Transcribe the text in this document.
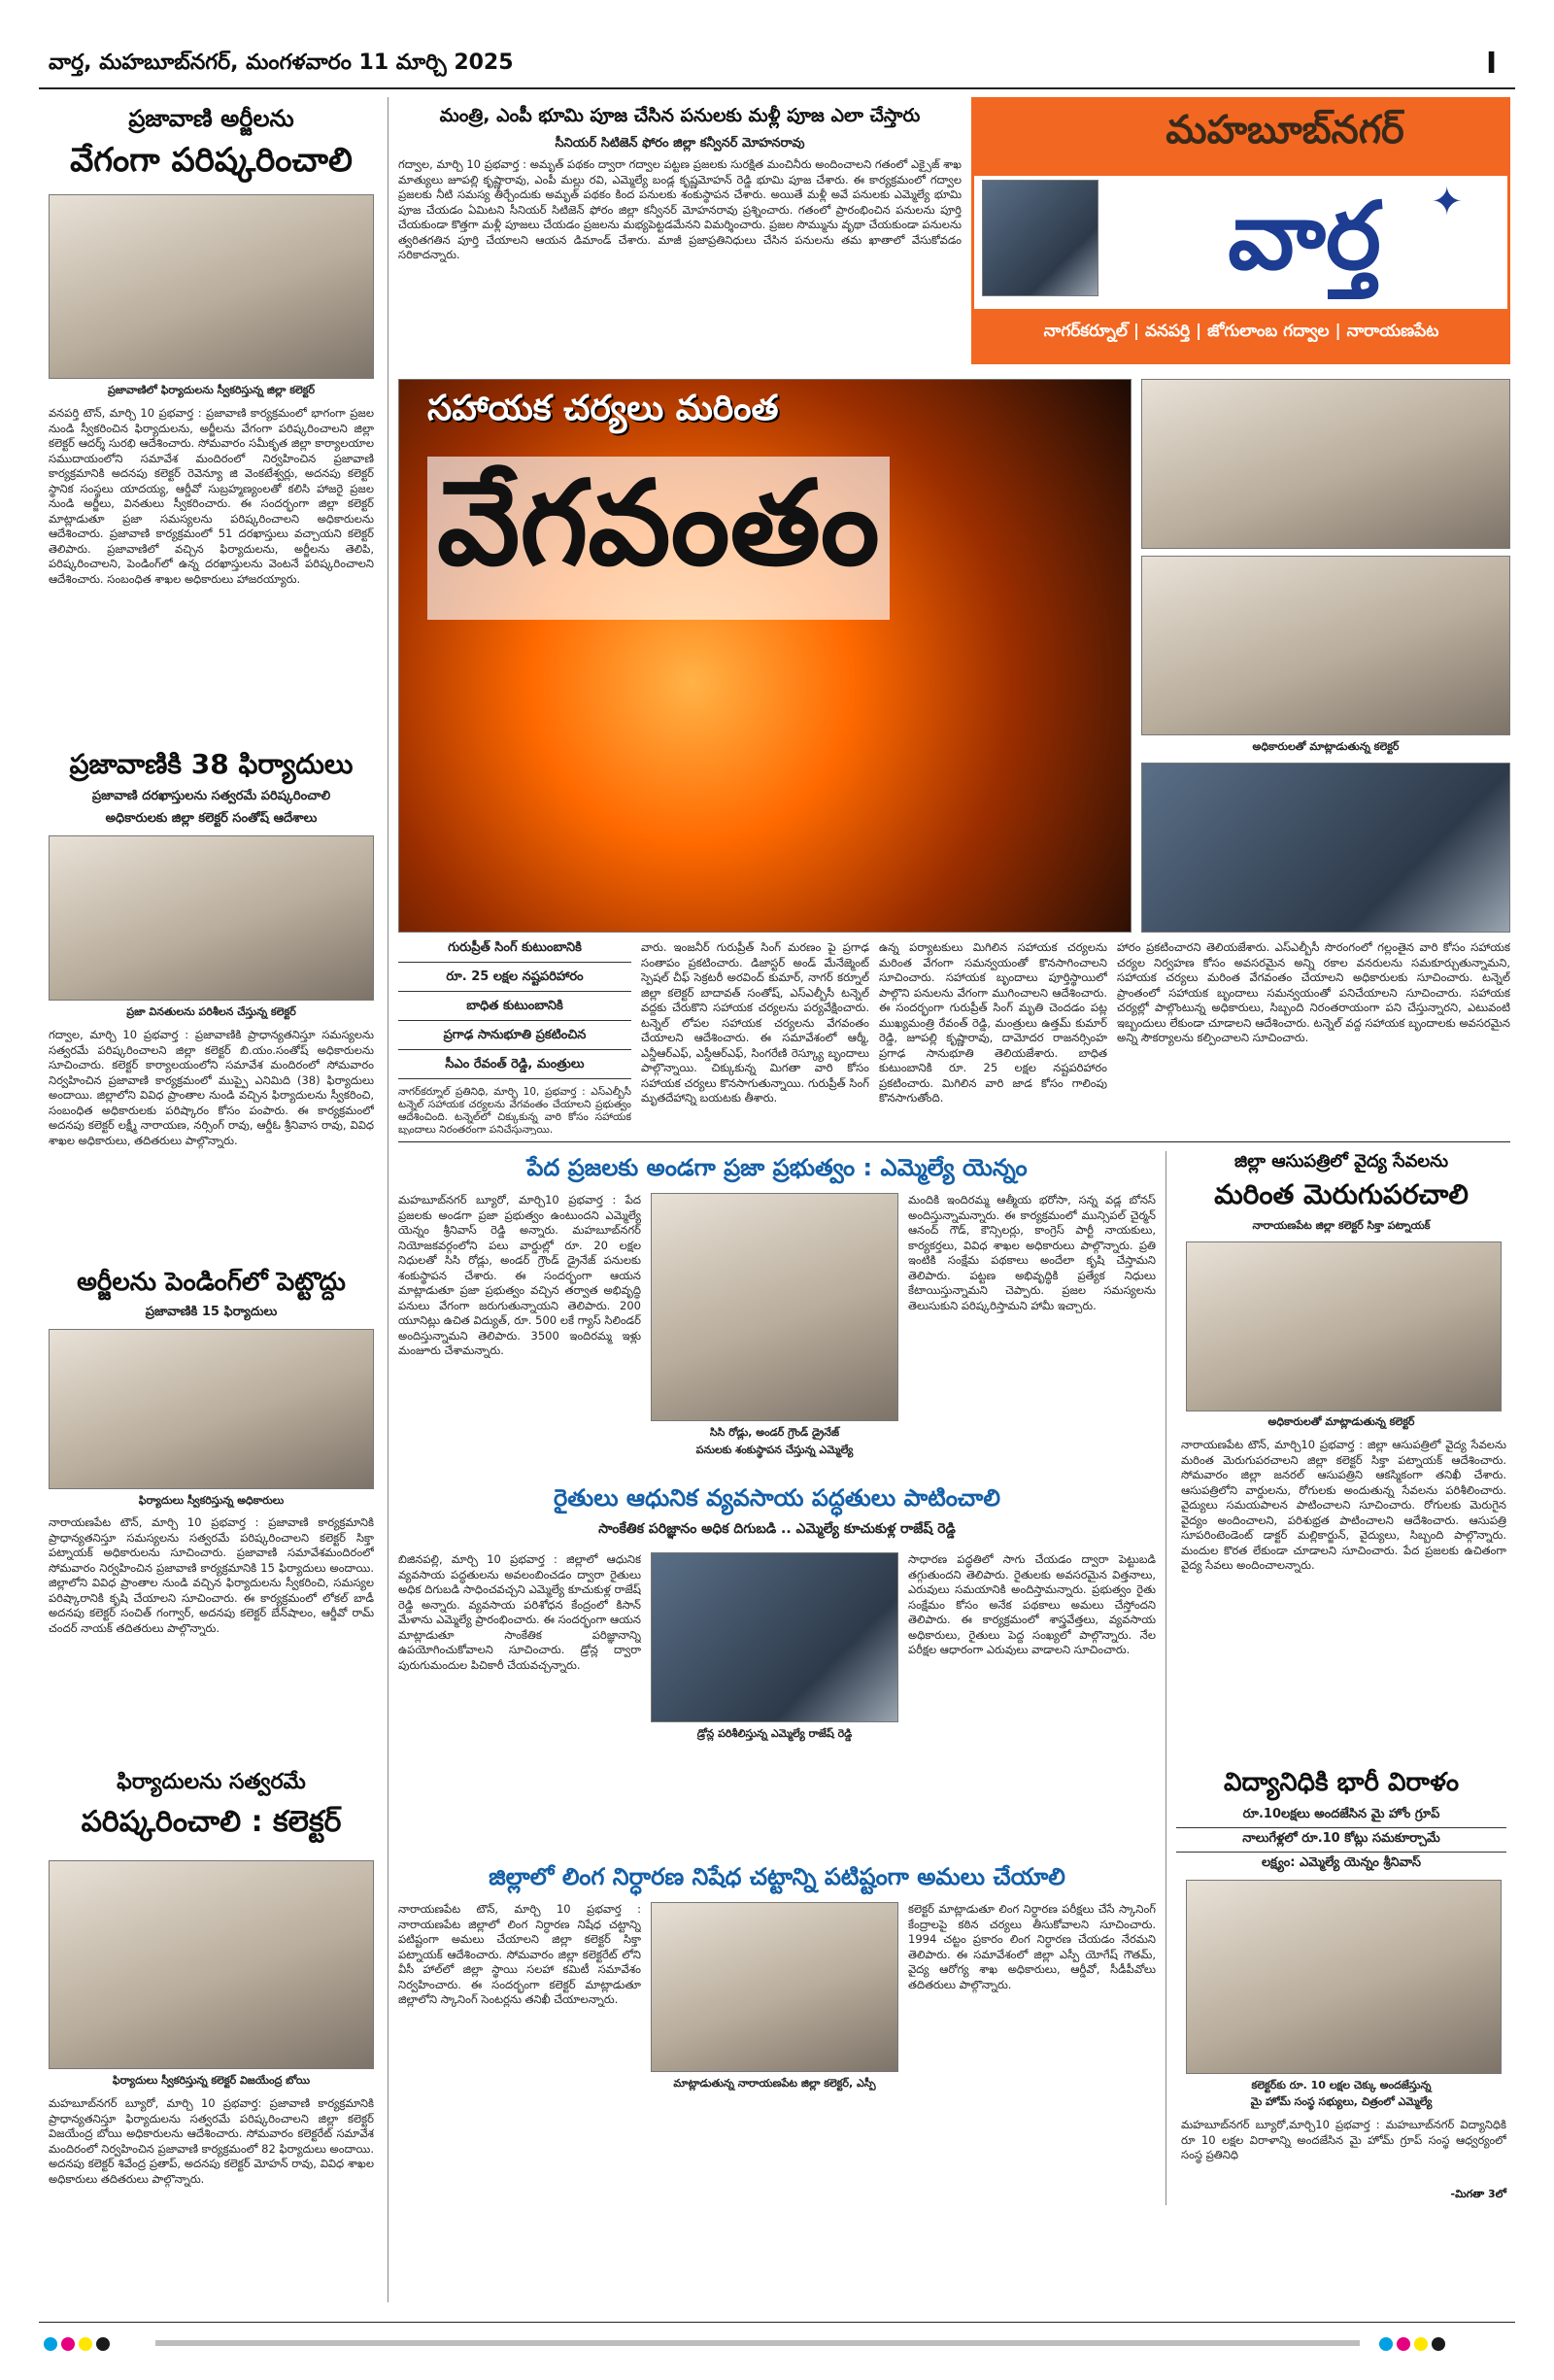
వార్త, మహబూబ్‌నగర్, మంగళవారం 11 మార్చి 2025	I
ప్రజావాణి అర్జీలను
వేగంగా పరిష్కరించాలి
ప్రజావాణిలో ఫిర్యాదులను స్వీకరిస్తున్న జిల్లా కలెక్టర్
వనపర్తి టౌన్, మార్చి 10 ప్రభవార్త : ప్రజావాణి కార్యక్రమంలో భాగంగా ప్రజల నుండి స్వీకరించిన ఫిర్యాదులను, అర్జీలను వేగంగా పరిష్కరించాలని జిల్లా కలెక్టర్ ఆదర్శ్ సురభి ఆదేశించారు. సోమవారం సమీకృత జిల్లా కార్యాలయాల సముదాయంలోని సమావేశ మందిరంలో నిర్వహించిన ప్రజావాణి కార్యక్రమానికి అదనపు కలెక్టర్ రెవెన్యూ జి వెంకటేశ్వర్లు, అదనపు కలెక్టర్ స్థానిక సంస్థలు యాదయ్య, ఆర్డీవో సుబ్రహ్మణ్యంలతో కలిసి హాజరై ప్రజల నుండి అర్జీలు, వినతులు స్వీకరించారు. ఈ సందర్భంగా జిల్లా కలెక్టర్ మాట్లాడుతూ ప్రజా సమస్యలను పరిష్కరించాలని అధికారులను ఆదేశించారు. ప్రజావాణి కార్యక్రమంలో 51 దరఖాస్తులు వచ్చాయని కలెక్టర్ తెలిపారు. ప్రజావాణిలో వచ్చిన ఫిర్యాదులను, అర్జీలను తెలిపి, పరిష్కరించాలని, పెండింగ్‌లో ఉన్న దరఖాస్తులను వెంటనే పరిష్కరించాలని ఆదేశించారు. సంబంధిత శాఖల అధికారులు హాజరయ్యారు.
ప్రజావాణికి 38 ఫిర్యాదులు
ప్రజావాణి దరఖాస్తులను సత్వరమే పరిష్కరించాలి
అధికారులకు జిల్లా కలెక్టర్ సంతోష్ ఆదేశాలు
ప్రజా వినతులను పరిశీలన చేస్తున్న కలెక్టర్
గద్వాల, మార్చి 10 ప్రభవార్త : ప్రజావాణికి ప్రాధాన్యతనిస్తూ సమస్యలను సత్వరమే పరిష్కరించాలని జిల్లా కలెక్టర్ బి.యం.సంతోష్ అధికారులను సూచించారు. కలెక్టర్ కార్యాలయంలోని సమావేశ మందిరంలో సోమవారం నిర్వహించిన ప్రజావాణి కార్యక్రమంలో ముప్పై ఎనిమిది (38) ఫిర్యాదులు అందాయి. జిల్లాలోని వివిధ ప్రాంతాల నుండి వచ్చిన ఫిర్యాదులను స్వీకరించి, సంబంధిత అధికారులకు పరిష్కారం కోసం పంపారు. ఈ కార్యక్రమంలో అదనపు కలెక్టర్ లక్ష్మీ నారాయణ, నర్సింగ్ రావు, ఆర్డీఓ శ్రీనివాస రావు, వివిధ శాఖల అధికారులు, తదితరులు పాల్గొన్నారు.
అర్జీలను పెండింగ్‌లో పెట్టొద్దు
ప్రజావాణికి 15 ఫిర్యాదులు
ఫిర్యాదులు స్వీకరిస్తున్న అధికారులు
నారాయణపేట టౌన్, మార్చి 10 ప్రభవార్త : ప్రజావాణి కార్యక్రమానికి ప్రాధాన్యతనిస్తూ సమస్యలను సత్వరమే పరిష్కరించాలని కలెక్టర్ సిక్తా పట్నాయక్ అధికారులను సూచించారు. ప్రజావాణి సమావేశమందిరంలో సోమవారం నిర్వహించిన ప్రజావాణి కార్యక్రమానికి 15 ఫిర్యాదులు అందాయి. జిల్లాలోని వివిధ ప్రాంతాల నుండి వచ్చిన ఫిర్యాదులను స్వీకరించి, సమస్యల పరిష్కారానికి కృషి చేయాలని సూచించారు. ఈ కార్యక్రమంలో లోకల్ బాడీ అదనపు కలెక్టర్ సంచిత్ గంగ్వార్, అదనపు కలెక్టర్ బేన్‌షాలం, ఆర్డీవో రామ్ చందర్ నాయక్ తదితరులు పాల్గొన్నారు.
ఫిర్యాదులను సత్వరమే
పరిష్కరించాలి : కలెక్టర్
ఫిర్యాదులు స్వీకరిస్తున్న కలెక్టర్ విజయేంద్ర బోయి
మహబూబ్‌నగర్ బ్యూరో, మార్చి 10 ప్రభవార్త: ప్రజావాణి కార్యక్రమానికి ప్రాధాన్యతనిస్తూ ఫిర్యాదులను సత్వరమే పరిష్కరించాలని జిల్లా కలెక్టర్ విజయేంద్ర బోయి అధికారులను ఆదేశించారు. సోమవారం కలెక్టరేట్ సమావేశ మందిరంలో నిర్వహించిన ప్రజావాణి కార్యక్రమంలో 82 ఫిర్యాదులు అందాయి. అదనపు కలెక్టర్ శివేంద్ర ప్రతాప్, అదనపు కలెక్టర్ మోహన్ రావు, వివిధ శాఖల అధికారులు తదితరులు పాల్గొన్నారు.
మంత్రి, ఎంపీ భూమి పూజ చేసిన పనులకు మళ్లీ పూజ ఎలా చేస్తారు
సీనియర్ సిటిజెన్ ఫోరం జిల్లా కన్వీనర్ మోహనరావు
గద్వాల, మార్చి 10 ప్రభవార్త : అమృత్ పథకం ద్వారా గద్వాల పట్టణ ప్రజలకు సురక్షిత మంచినీరు అందించాలని గతంలో ఎక్సైజ్ శాఖ మాత్యులు జూపల్లి కృష్ణారావు, ఎంపీ మల్లు రవి, ఎమ్మెల్యే బండ్ల కృష్ణమోహన్ రెడ్డి భూమి పూజ చేశారు. ఈ కార్యక్రమంలో గద్వాల ప్రజలకు నీటి సమస్య తీర్చేందుకు అమృత్ పథకం కింద పనులకు శంకుస్థాపన చేశారు. అయితే మళ్లీ అవే పనులకు ఎమ్మెల్యే భూమి పూజ చేయడం ఏమిటని సీనియర్ సిటిజెన్ ఫోరం జిల్లా కన్వీనర్ మోహనరావు ప్రశ్నించారు. గతంలో ప్రారంభించిన పనులను పూర్తి చేయకుండా కొత్తగా మళ్లీ పూజలు చేయడం ప్రజలను మభ్యపెట్టడమేనని విమర్శించారు. ప్రజల సొమ్మును వృథా చేయకుండా పనులను త్వరితగతిన పూర్తి చేయాలని ఆయన డిమాండ్ చేశారు. మాజీ ప్రజాప్రతినిధులు చేసిన పనులను తమ ఖాతాలో వేసుకోవడం సరికాదన్నారు.
మహబూబ్‌నగర్
వార్త	✦
నాగర్‌కర్నూల్ | వనపర్తి | జోగులాంబ గద్వాల | నారాయణపేట
సహాయక చర్యలు మరింత
వేగవంతం
గురుప్రీత్ సింగ్ కుటుంబానికి
రూ. 25 లక్షల నష్టపరిహారం
బాధిత కుటుంబానికి
ప్రగాఢ సానుభూతి ప్రకటించిన
సీఎం రేవంత్ రెడ్డి, మంత్రులు
నాగర్‌కర్నూల్ ప్రతినిధి, మార్చి 10, ప్రభవార్త : ఎస్ఎల్బీసీ టన్నెల్ సహాయక చర్యలను వేగవంతం చేయాలని ప్రభుత్వం ఆదేశించింది. టన్నెల్‌లో చిక్కుకున్న వారి కోసం సహాయక బృందాలు నిరంతరంగా పనిచేస్తున్నాయి.
వారు. ఇంజనీర్ గురుప్రీత్ సింగ్ మరణం పై ప్రగాఢ సంతాపం ప్రకటించారు. డిజాస్టర్ అండ్ మేనేజ్మెంట్ స్పెషల్ చీఫ్ సెక్రటరీ అరవింద్ కుమార్, నాగర్ కర్నూల్ జిల్లా కలెక్టర్ బాదావత్ సంతోష్, ఎస్ఎల్బీసీ టన్నెల్ వద్దకు చేరుకొని సహాయక చర్యలను పర్యవేక్షించారు. టన్నెల్ లోపల సహాయక చర్యలను వేగవంతం చేయాలని ఆదేశించారు. ఈ సమావేశంలో ఆర్మీ, ఎన్డీఆర్ఎఫ్, ఎస్డీఆర్ఎఫ్, సింగరేణి రెస్క్యూ బృందాలు పాల్గొన్నాయి. చిక్కుకున్న మిగతా వారి కోసం సహాయక చర్యలు కొనసాగుతున్నాయి. గురుప్రీత్ సింగ్ మృతదేహాన్ని బయటకు తీశారు.
ఉన్న పర్యాటకులు మిగిలిన సహాయక చర్యలను మరింత వేగంగా సమన్వయంతో కొనసాగించాలని సూచించారు. సహాయక బృందాలు పూర్తిస్థాయిలో పాల్గొని పనులను వేగంగా ముగించాలని ఆదేశించారు. ఈ సందర్భంగా గురుప్రీత్ సింగ్ మృతి చెందడం పట్ల ముఖ్యమంత్రి రేవంత్ రెడ్డి, మంత్రులు ఉత్తమ్ కుమార్ రెడ్డి, జూపల్లి కృష్ణారావు, దామోదర రాజనర్సింహ ప్రగాఢ సానుభూతి తెలియజేశారు. బాధిత కుటుంబానికి రూ. 25 లక్షల నష్టపరిహారం ప్రకటించారు. మిగిలిన వారి జాడ కోసం గాలింపు కొనసాగుతోంది.
అధికారులతో మాట్లాడుతున్న కలెక్టర్
హారం ప్రకటించారని తెలియజేశారు. ఎస్ఎల్బీసీ సొరంగంలో గల్లంతైన వారి కోసం సహాయక చర్యల నిర్వహణ కోసం అవసరమైన అన్ని రకాల వనరులను సమకూర్చుతున్నామని, సహాయక చర్యలు మరింత వేగవంతం చేయాలని అధికారులకు సూచించారు. టన్నెల్ ప్రాంతంలో సహాయక బృందాలు సమన్వయంతో పనిచేయాలని సూచించారు. సహాయక చర్యల్లో పాల్గొంటున్న అధికారులు, సిబ్బంది నిరంతరాయంగా పని చేస్తున్నారని, ఎటువంటి ఇబ్బందులు లేకుండా చూడాలని ఆదేశించారు. టన్నెల్ వద్ద సహాయక బృందాలకు అవసరమైన అన్ని సౌకర్యాలను కల్పించాలని సూచించారు.
పేద ప్రజలకు అండగా ప్రజా ప్రభుత్వం : ఎమ్మెల్యే యెన్నం
మహబూబ్‌నగర్ బ్యూరో, మార్చి10 ప్రభవార్త : పేద ప్రజలకు అండగా ప్రజా ప్రభుత్వం ఉంటుందని ఎమ్మెల్యే యెన్నం శ్రీనివాస్ రెడ్డి అన్నారు. మహబూబ్‌నగర్ నియోజకవర్గంలోని పలు వార్డుల్లో రూ. 20 లక్షల నిధులతో సిసి రోడ్లు, అండర్ గ్రౌండ్ డ్రైనేజ్ పనులకు శంకుస్థాపన చేశారు. ఈ సందర్భంగా ఆయన మాట్లాడుతూ ప్రజా ప్రభుత్వం వచ్చిన తర్వాత అభివృద్ధి పనులు వేగంగా జరుగుతున్నాయని తెలిపారు. 200 యూనిట్లు ఉచిత విద్యుత్, రూ. 500 లకే గ్యాస్ సిలిండర్ అందిస్తున్నామని తెలిపారు. 3500 ఇందిరమ్మ ఇళ్లు మంజూరు చేశామన్నారు.
సిసి రోడ్లు, అండర్ గ్రౌండ్ డ్రైనేజ్
పనులకు శంకుస్థాపన చేస్తున్న ఎమ్మెల్యే
మందికి ఇందిరమ్మ ఆత్మీయ భరోసా, సన్న వడ్ల బోనస్ అందిస్తున్నామన్నారు. ఈ కార్యక్రమంలో మున్సిపల్ చైర్మన్ ఆనంద్ గౌడ్, కౌన్సిలర్లు, కాంగ్రెస్ పార్టీ నాయకులు, కార్యకర్తలు, వివిధ శాఖల అధికారులు పాల్గొన్నారు. ప్రతి ఇంటికి సంక్షేమ పథకాలు అందేలా కృషి చేస్తామని తెలిపారు. పట్టణ అభివృద్ధికి ప్రత్యేక నిధులు కేటాయిస్తున్నామని చెప్పారు. ప్రజల సమస్యలను తెలుసుకుని పరిష్కరిస్తామని హామీ ఇచ్చారు.
రైతులు ఆధునిక వ్యవసాయ పద్ధతులు పాటించాలి
సాంకేతిక పరిజ్ఞానం అధిక దిగుబడి .. ఎమ్మెల్యే కూచుకుళ్ల రాజేష్ రెడ్డి
బిజినపల్లి, మార్చి 10 ప్రభవార్త : జిల్లాలో ఆధునిక వ్యవసాయ పద్ధతులను అవలంబించడం ద్వారా రైతులు అధిక దిగుబడి సాధించవచ్చని ఎమ్మెల్యే కూచుకుళ్ల రాజేష్ రెడ్డి అన్నారు. వ్యవసాయ పరిశోధన కేంద్రంలో కిసాన్ మేళాను ఎమ్మెల్యే ప్రారంభించారు. ఈ సందర్భంగా ఆయన మాట్లాడుతూ సాంకేతిక పరిజ్ఞానాన్ని ఉపయోగించుకోవాలని సూచించారు. డ్రోన్ల ద్వారా పురుగుమందుల పిచికారీ చేయవచ్చన్నారు.
డ్రోన్ల పరిశీలిస్తున్న ఎమ్మెల్యే రాజేష్ రెడ్డి
సాధారణ పద్ధతిలో సాగు చేయడం ద్వారా పెట్టుబడి తగ్గుతుందని తెలిపారు. రైతులకు అవసరమైన విత్తనాలు, ఎరువులు సమయానికి అందిస్తామన్నారు. ప్రభుత్వం రైతు సంక్షేమం కోసం అనేక పథకాలు అమలు చేస్తోందని తెలిపారు. ఈ కార్యక్రమంలో శాస్త్రవేత్తలు, వ్యవసాయ అధికారులు, రైతులు పెద్ద సంఖ్యలో పాల్గొన్నారు. నేల పరీక్షల ఆధారంగా ఎరువులు వాడాలని సూచించారు.
జిల్లాలో లింగ నిర్ధారణ నిషేధ చట్టాన్ని పటిష్టంగా అమలు చేయాలి
నారాయణపేట టౌన్, మార్చి 10 ప్రభవార్త : నారాయణపేట జిల్లాలో లింగ నిర్ధారణ నిషేధ చట్టాన్ని పటిష్టంగా అమలు చేయాలని జిల్లా కలెక్టర్ సిక్తా పట్నాయక్ ఆదేశించారు. సోమవారం జిల్లా కలెక్టరేట్ లోని వీసీ హాల్‌లో జిల్లా స్థాయి సలహా కమిటీ సమావేశం నిర్వహించారు. ఈ సందర్భంగా కలెక్టర్ మాట్లాడుతూ జిల్లాలోని స్కానింగ్ సెంటర్లను తనిఖీ చేయాలన్నారు.
మాట్లాడుతున్న నారాయణపేట జిల్లా కలెక్టర్, ఎస్పీ
కలెక్టర్ మాట్లాడుతూ లింగ నిర్ధారణ పరీక్షలు చేసే స్కానింగ్ కేంద్రాలపై కఠిన చర్యలు తీసుకోవాలని సూచించారు. 1994 చట్టం ప్రకారం లింగ నిర్ధారణ చేయడం నేరమని తెలిపారు. ఈ సమావేశంలో జిల్లా ఎస్పీ యోగేష్ గౌతమ్, వైద్య ఆరోగ్య శాఖ అధికారులు, ఆర్డీవో, సీడీపీవోలు తదితరులు పాల్గొన్నారు.
జిల్లా ఆసుపత్రిలో వైద్య సేవలను
మరింత మెరుగుపరచాలి
నారాయణపేట జిల్లా కలెక్టర్ సిక్తా పట్నాయక్
అధికారులతో మాట్లాడుతున్న కలెక్టర్
నారాయణపేట టౌన్, మార్చి10 ప్రభవార్త : జిల్లా ఆసుపత్రిలో వైద్య సేవలను మరింత మెరుగుపరచాలని జిల్లా కలెక్టర్ సిక్తా పట్నాయక్ ఆదేశించారు. సోమవారం జిల్లా జనరల్ ఆసుపత్రిని ఆకస్మికంగా తనిఖీ చేశారు. ఆసుపత్రిలోని వార్డులను, రోగులకు అందుతున్న సేవలను పరిశీలించారు. వైద్యులు సమయపాలన పాటించాలని సూచించారు. రోగులకు మెరుగైన వైద్యం అందించాలని, పరిశుభ్రత పాటించాలని ఆదేశించారు. ఆసుపత్రి సూపరింటెండెంట్ డాక్టర్ మల్లికార్జున్, వైద్యులు, సిబ్బంది పాల్గొన్నారు. మందుల కొరత లేకుండా చూడాలని సూచించారు. పేద ప్రజలకు ఉచితంగా వైద్య సేవలు అందించాలన్నారు.
విద్యానిధికి భారీ విరాళం
రూ.10లక్షలు అందజేసిన మై హోం గ్రూప్
నాలుగేళ్లలో రూ.10 కోట్లు సమకూర్చామే
లక్ష్యం: ఎమ్మెల్యే యెన్నం శ్రీనివాస్
కలెక్టర్‌కు రూ. 10 లక్షల చెక్కు అందజేస్తున్న
మై హోమ్ సంస్థ సభ్యులు, చిత్రంలో ఎమ్మెల్యే
మహబూబ్‌నగర్ బ్యూరో,మార్చి10 ప్రభవార్త : మహబూబ్‌నగర్ విద్యానిధికి రూ 10 లక్షల విరాళాన్ని అందజేసిన మై హోమ్ గ్రూప్ సంస్థ ఆధ్వర్యంలో సంస్థ ప్రతినిధి
-మిగతా 3లో
